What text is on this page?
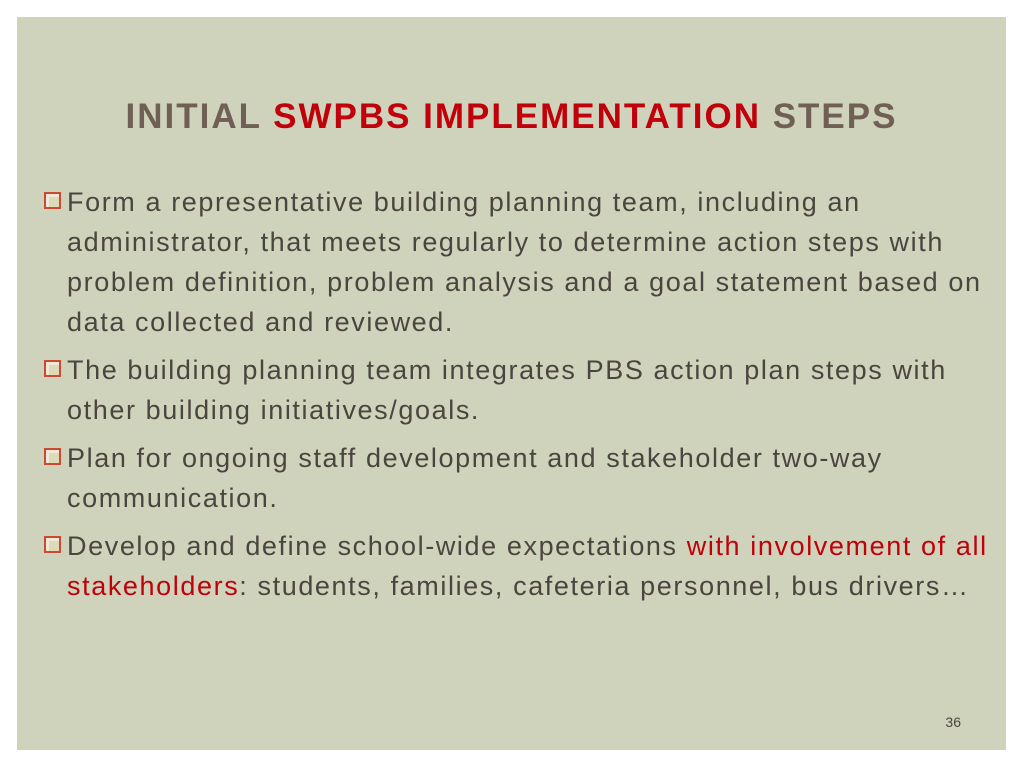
INITIAL SWPBS IMPLEMENTATION STEPS
Form a representative building planning team, including an administrator, that meets regularly to determine action steps with problem definition, problem analysis and a goal statement based on data collected and reviewed.
The building planning team integrates PBS action plan steps with other building initiatives/goals.
Plan for ongoing staff development and stakeholder two-way communication.
Develop and define school-wide expectations with involvement of all stakeholders: students, families, cafeteria personnel, bus drivers…
36
